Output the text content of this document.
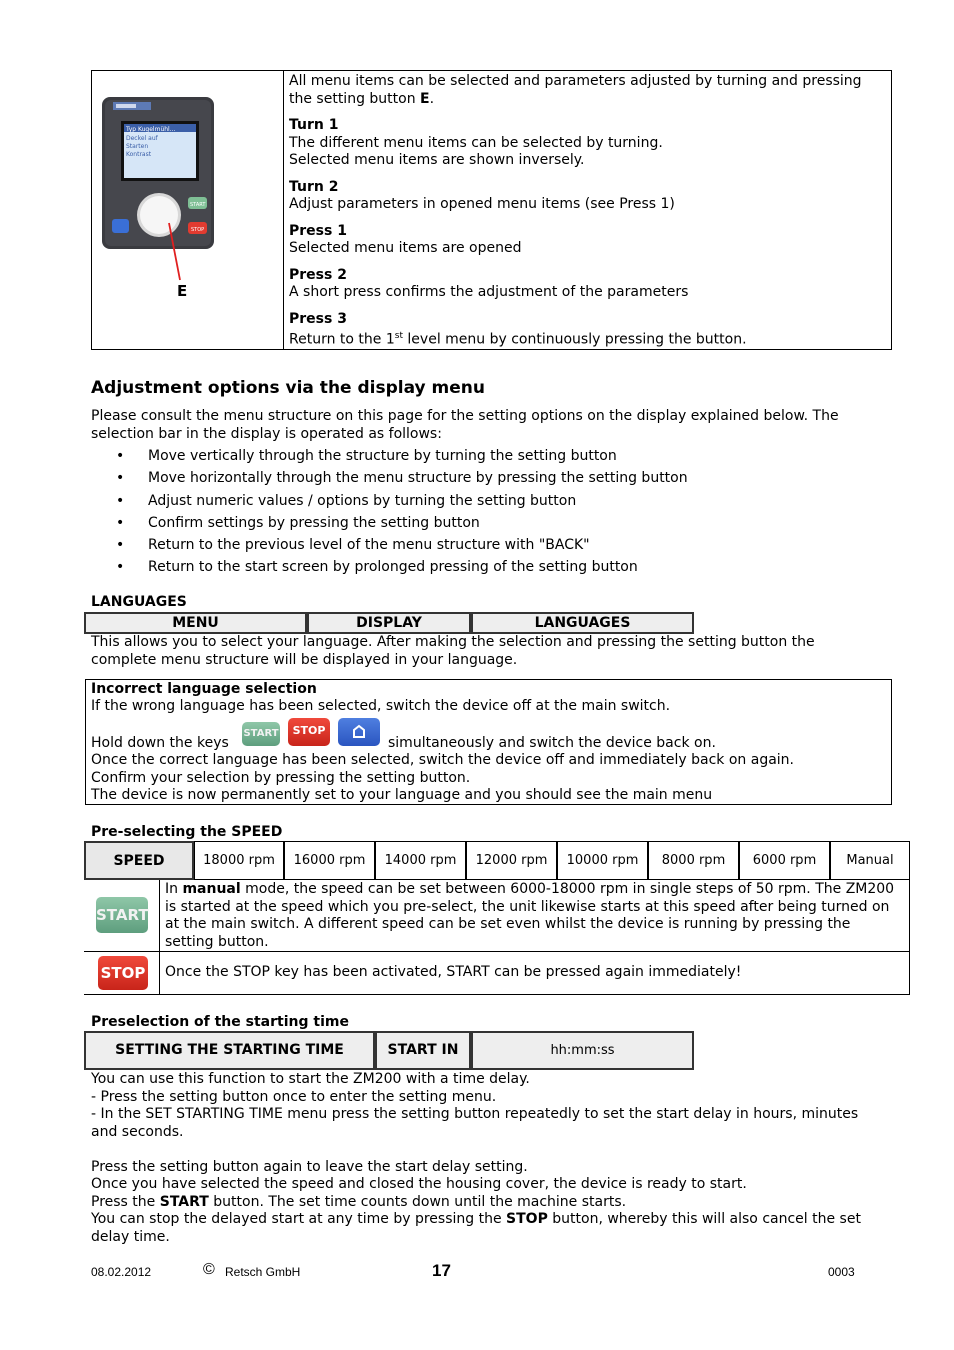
Typ Kugelmühl...
Deckel auf
Starten
Kontrast
START
STOP
E

All menu items can be selected and parameters adjusted by turning and pressing the setting button E.

Turn 1
The different menu items can be selected by turning.
Selected menu items are shown inversely.
Turn 2
Adjust parameters in opened menu items (see Press 1)
Press 1
Selected menu items are opened
Press 2
A short press confirms the adjustment of the parameters
Press 3
Return to the 1st level menu by continuously pressing the button.
Adjustment options via the display menu
Please consult the menu structure on this page for the setting options on the display explained below. The selection bar in the display is operated as follows:
• Move vertically through the structure by turning the setting button
• Move horizontally through the menu structure by pressing the setting button
• Adjust numeric values / options by turning the setting button
• Confirm settings by pressing the setting button
• Return to the previous level of the menu structure with "BACK"
• Return to the start screen by prolonged pressing of the setting button
LANGUAGES
MENU	DISPLAY	LANGUAGES
This allows you to select your language. After making the selection and pressing the setting button the complete menu structure will be displayed in your language.
Incorrect language selection
If the wrong language has been selected, switch the device off at the main switch.
Hold down the keys
START	STOP
simultaneously and switch the device back on.
Once the correct language has been selected, switch the device off and immediately back on again.
Confirm your selection by pressing the setting button.
The device is now permanently set to your language and you should see the main menu
Pre-selecting the SPEED
SPEED	18000 rpm	16000 rpm	14000 rpm	12000 rpm	10000 rpm	8000 rpm	6000 rpm	Manual
START
In manual mode, the speed can be set between 6000-18000 rpm in single steps of 50 rpm. The ZM200 is started at the speed which you pre-select, the unit likewise starts at this speed after being turned on at the main switch. A different speed can be set even whilst the device is running by pressing the setting button.
STOP Once the STOP key has been activated, START can be pressed again immediately!
Preselection of the starting time
SETTING THE STARTING TIME	START IN	hh:mm:ss
You can use this function to start the ZM200 with a time delay.
- Press the setting button once to enter the setting menu.
- In the SET STARTING TIME menu press the setting button repeatedly to set the start delay in hours, minutes and seconds.
Press the setting button again to leave the start delay setting.
Once you have selected the speed and closed the housing cover, the device is ready to start.
Press the START button. The set time counts down until the machine starts.
You can stop the delayed start at any time by pressing the STOP button, whereby this will also cancel the set delay time.
08.02.2012	© Retsch GmbH	17	0003
